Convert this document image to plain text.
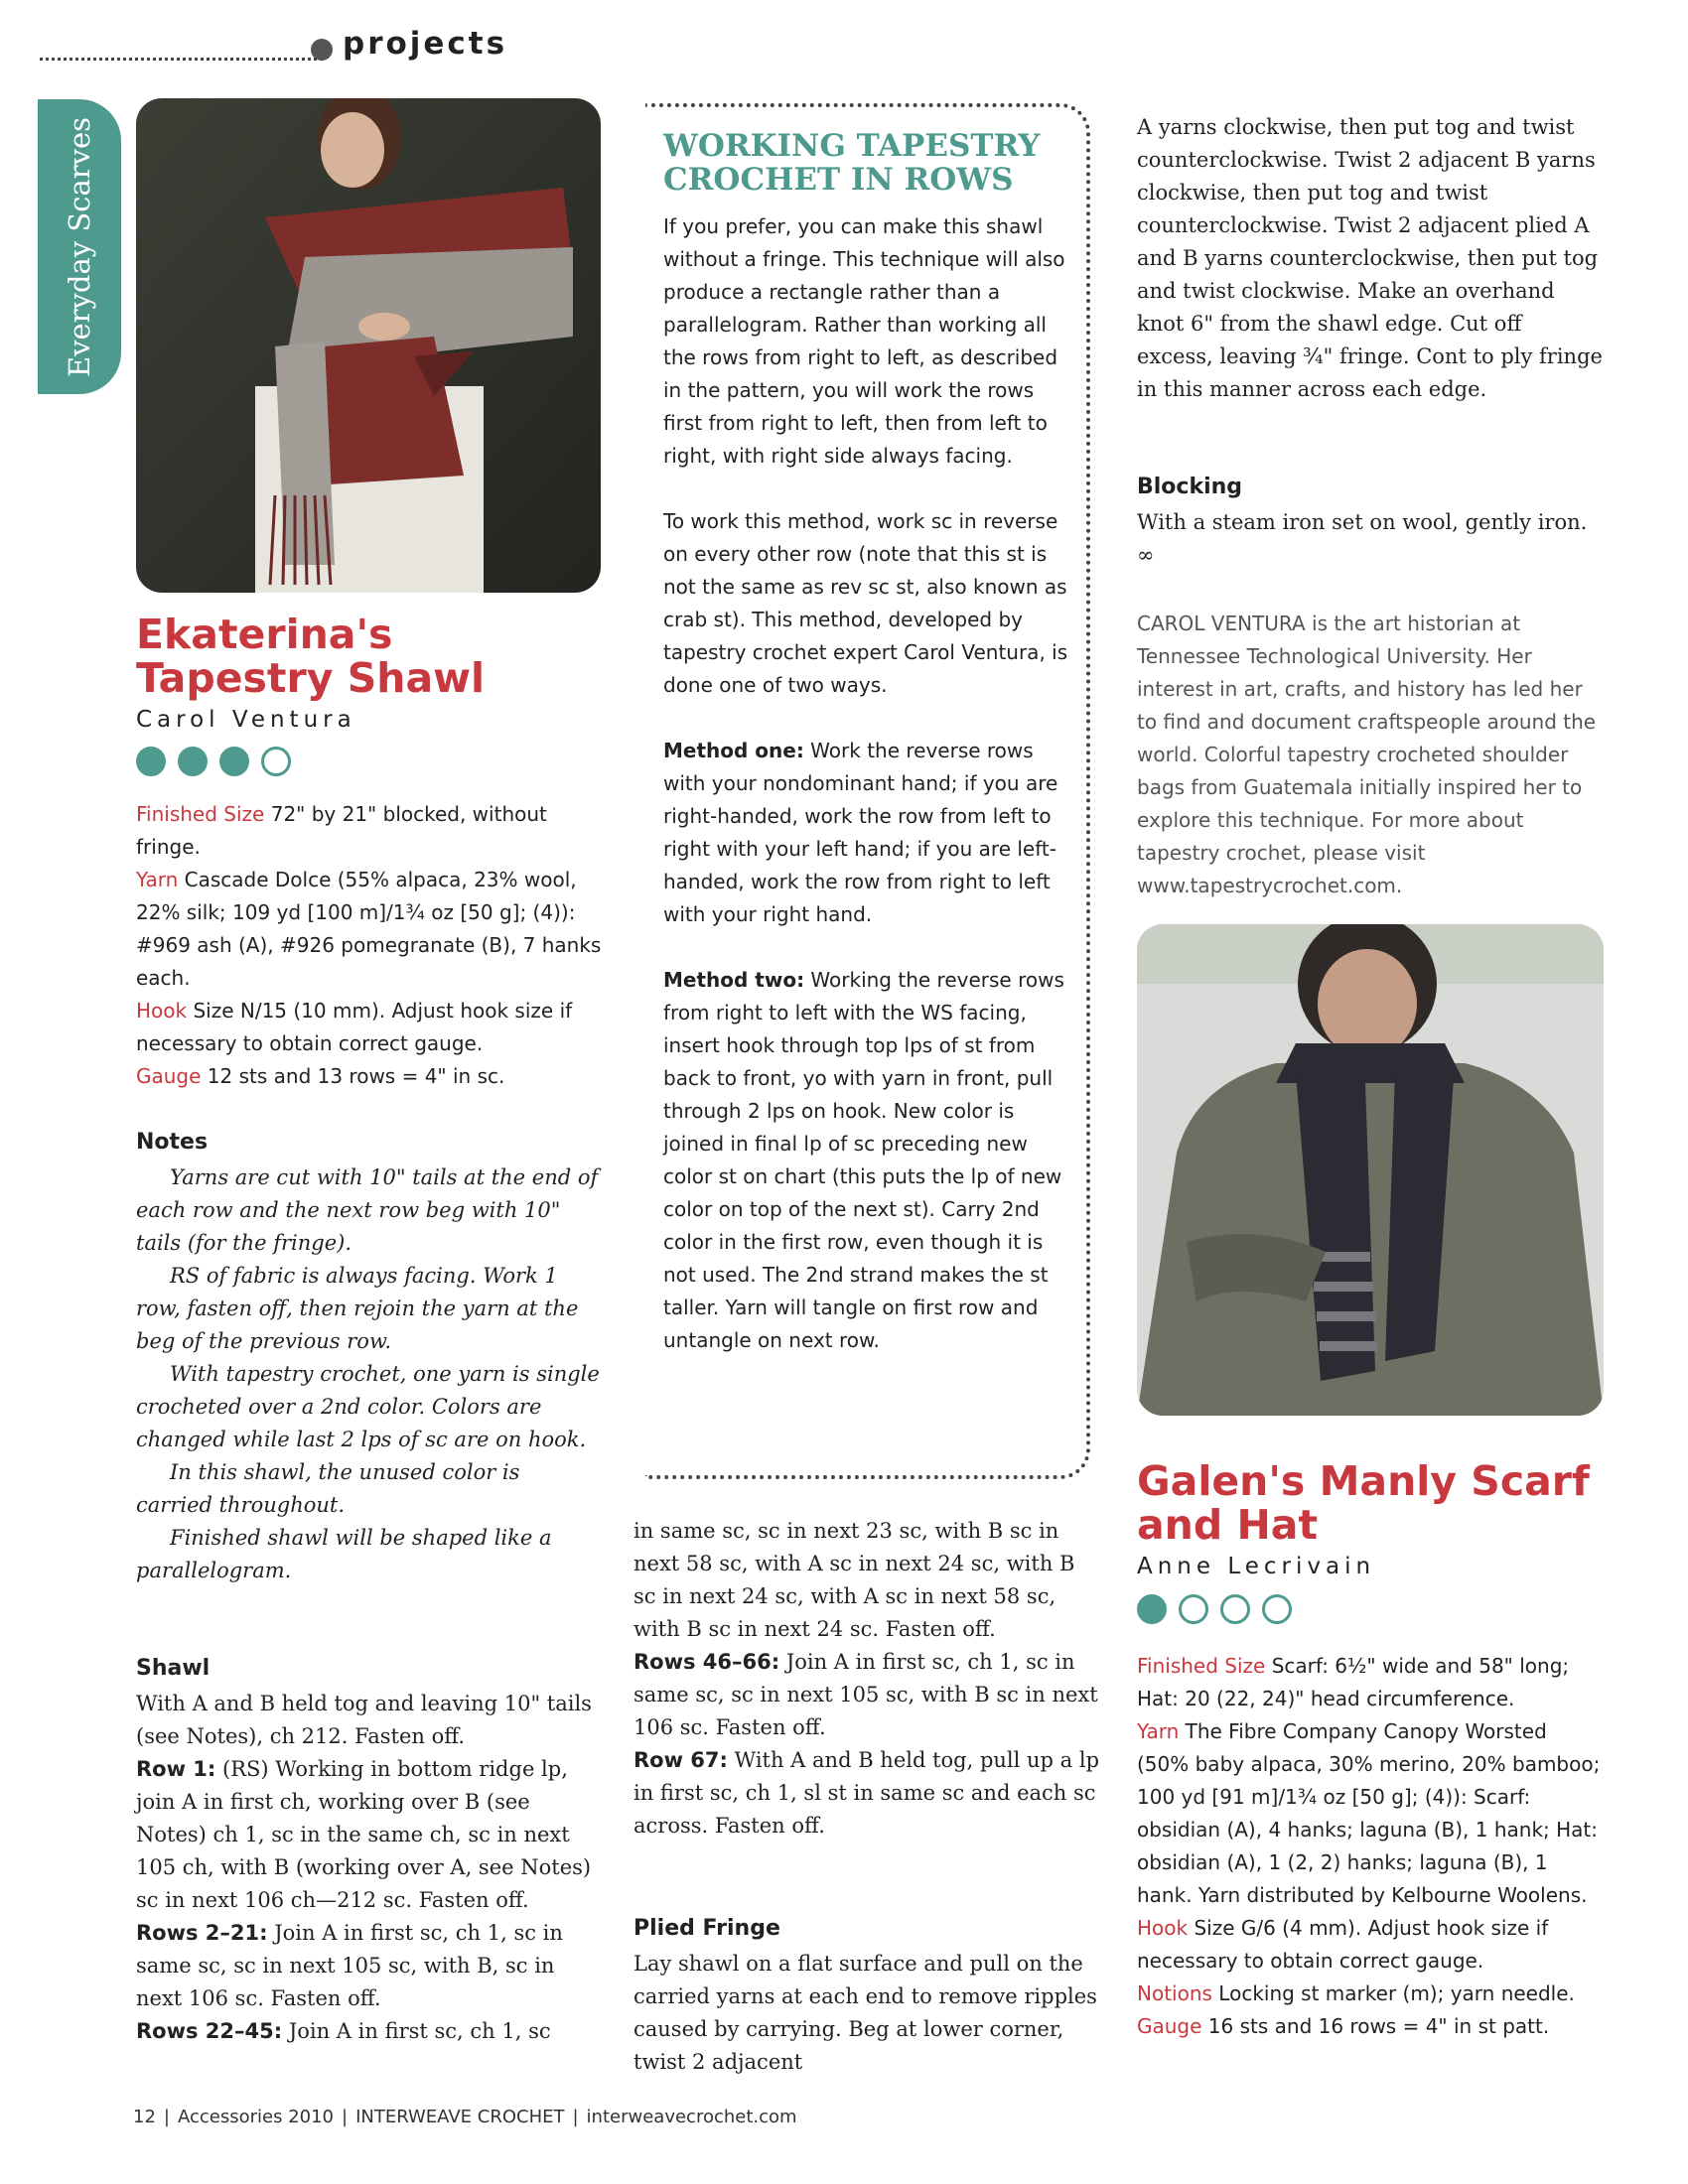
projects
Everyday Scarves
Ekaterina's Tapestry Shawl
Carol Ventura

Finished Size 72" by 21" blocked, without fringe.

Yarn Cascade Dolce (55% alpaca, 23% wool, 22% silk; 109 yd [100 m]/1¾ oz [50 g]; (4)): #969 ash (A), #926 pomegranate (B), 7 hanks each.

Hook Size N/15 (10 mm). Adjust hook size if necessary to obtain correct gauge.

Gauge 12 sts and 13 rows = 4" in sc.

Notes

Yarns are cut with 10" tails at the end of each row and the next row beg with 10" tails (for the fringe).

RS of fabric is always facing. Work 1 row, fasten off, then rejoin the yarn at the beg of the previous row.

With tapestry crochet, one yarn is single crocheted over a 2nd color. Colors are changed while last 2 lps of sc are on hook.

In this shawl, the unused color is carried throughout.

Finished shawl will be shaped like a parallelogram.

Shawl

With A and B held tog and leaving 10" tails (see Notes), ch 212. Fasten off.

Row 1: (RS) Working in bottom ridge lp, join A in first ch, working over B (see Notes) ch 1, sc in the same ch, sc in next 105 ch, with B (working over A, see Notes) sc in next 106 ch—212 sc. Fasten off.

Rows 2–21: Join A in first sc, ch 1, sc in same sc, sc in next 105 sc, with B, sc in next 106 sc. Fasten off.

Rows 22–45: Join A in first sc, ch 1, sc

WORKING TAPESTRY CROCHET IN ROWS

If you prefer, you can make this shawl without a fringe. This technique will also produce a rectangle rather than a parallelogram. Rather than working all the rows from right to left, as described in the pattern, you will work the rows first from right to left, then from left to right, with right side always facing.

To work this method, work sc in reverse on every other row (note that this st is not the same as rev sc st, also known as crab st). This method, developed by tapestry crochet expert Carol Ventura, is done one of two ways.

Method one: Work the reverse rows with your nondominant hand; if you are right-handed, work the row from left to right with your left hand; if you are left-handed, work the row from right to left with your right hand.

Method two: Working the reverse rows from right to left with the WS facing, insert hook through top lps of st from back to front, yo with yarn in front, pull through 2 lps on hook. New color is joined in final lp of sc preceding new color st on chart (this puts the lp of new color on top of the next st). Carry 2nd color in the first row, even though it is not used. The 2nd strand makes the st taller. Yarn will tangle on first row and untangle on next row.

in same sc, sc in next 23 sc, with B sc in next 58 sc, with A sc in next 24 sc, with B sc in next 24 sc, with A sc in next 58 sc, with B sc in next 24 sc. Fasten off.

Rows 46–66: Join A in first sc, ch 1, sc in same sc, sc in next 105 sc, with B sc in next 106 sc. Fasten off.

Row 67: With A and B held tog, pull up a lp in first sc, ch 1, sl st in same sc and each sc across. Fasten off.

Plied Fringe
Lay shawl on a flat surface and pull on the carried yarns at each end to remove ripples caused by carrying. Beg at lower corner, twist 2 adjacent
A yarns clockwise, then put tog and twist counterclockwise. Twist 2 adjacent B yarns clockwise, then put tog and twist counterclockwise. Twist 2 adjacent plied A and B yarns counterclockwise, then put tog and twist clockwise. Make an overhand knot 6" from the shawl edge. Cut off excess, leaving ¾" fringe. Cont to ply fringe in this manner across each edge.
Blocking
With a steam iron set on wool, gently iron. ∞
CAROL VENTURA is the art historian at Tennessee Technological University. Her interest in art, crafts, and history has led her to find and document craftspeople around the world. Colorful tapestry crocheted shoulder bags from Guatemala initially inspired her to explore this technique. For more about tapestry crochet, please visit www.tapestrycrochet.com.
Galen's Manly Scarf and Hat
Anne Lecrivain

Finished Size Scarf: 6½" wide and 58" long; Hat: 20 (22, 24)" head circumference.

Yarn The Fibre Company Canopy Worsted (50% baby alpaca, 30% merino, 20% bamboo; 100 yd [91 m]/1¾ oz [50 g]; (4)): Scarf: obsidian (A), 4 hanks; laguna (B), 1 hank; Hat: obsidian (A), 1 (2, 2) hanks; laguna (B), 1 hank. Yarn distributed by Kelbourne Woolens.

Hook Size G/6 (4 mm). Adjust hook size if necessary to obtain correct gauge.

Notions Locking st marker (m); yarn needle.

Gauge 16 sts and 16 rows = 4" in st patt.

12 | Accessories 2010 | INTERWEAVE CROCHET | interweavecrochet.com
